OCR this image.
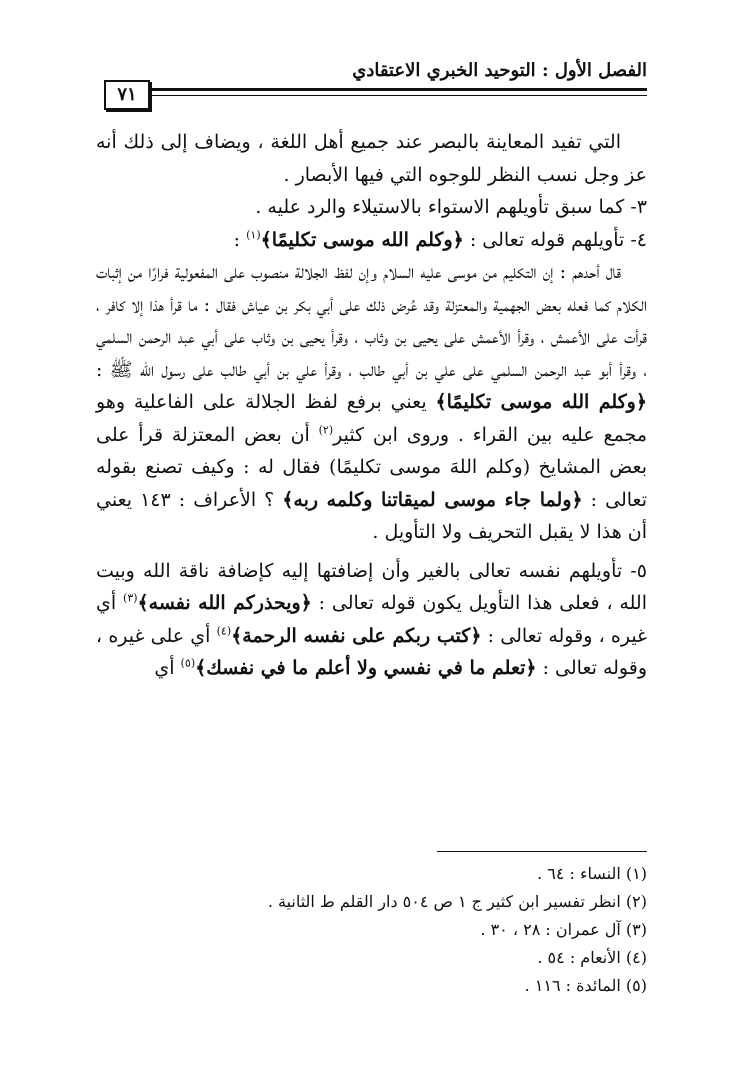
الفصل الأول : التوحيد الخبري الاعتقادي
٧١

التي تفيد المعاينة بالبصر عند جميع أهل اللغة ، ويضاف إلى ذلك أنه عز وجل نسب النظر للوجوه التي فيها الأبصار .

٣- كما سبق تأويلهم الاستواء بالاستيلاء والرد عليه .

٤- تأويلهم قوله تعالى : ﴿وكلم الله موسى تكليمًا﴾$^{(١)}$ :

قال أحدهم : إن التكليم من موسى عليه السلام وإن لفظ الجلالة منصوب على المفعولية فرارًا من إثبات الكلام كما فعله بعض الجهمية والمعتزلة وقد عُرض ذلك على أبي بكر بن عياش فقال : ما قرأ هذا إلا كافر ، قرأت على الأعمش ، وقرأ الأعمش على يحيى بن وثاب ، وقرأ يحيى بن وثاب على أبي عبد الرحمن السلمي ، وقرأ أبو عبد الرحمن السلمي على علي بن أبي طالب ، وقرأ علي بن أبي طالب على رسول الله ﷺ : ﴿وكلم الله موسى تكليمًا﴾ يعني برفع لفظ الجلالة على الفاعلية وهو مجمع عليه بين القراء . وروى ابن كثير$^{(٢)}$ أن بعض المعتزلة قرأ على بعض المشايخ (وكلم اللهَ موسى تكليمًا) فقال له : وكيف تصنع بقوله تعالى : ﴿ولما جاء موسى لميقاتنا وكلمه ربه﴾ ؟ الأعراف : ١٤٣ يعني أن هذا لا يقبل التحريف ولا التأويل .

٥- تأويلهم نفسه تعالى بالغير وأن إضافتها إليه كإضافة ناقة الله وبيت الله ، فعلى هذا التأويل يكون قوله تعالى : ﴿ويحذركم الله نفسه﴾$^{(٣)}$ أي غيره ، وقوله تعالى : ﴿كتب ربكم على نفسه الرحمة﴾$^{(٤)}$ أي على غيره ، وقوله تعالى : ﴿تعلم ما في نفسي ولا أعلم ما في نفسك﴾$^{(٥)}$ أي

(١) النساء : ٦٤ .
(٢) انظر تفسير ابن كثير ج ١ ص ٥٠٤ دار القلم ط الثانية .
(٣) آل عمران : ٢٨ ، ٣٠ .
(٤) الأنعام : ٥٤ .
(٥) المائدة : ١١٦ .
